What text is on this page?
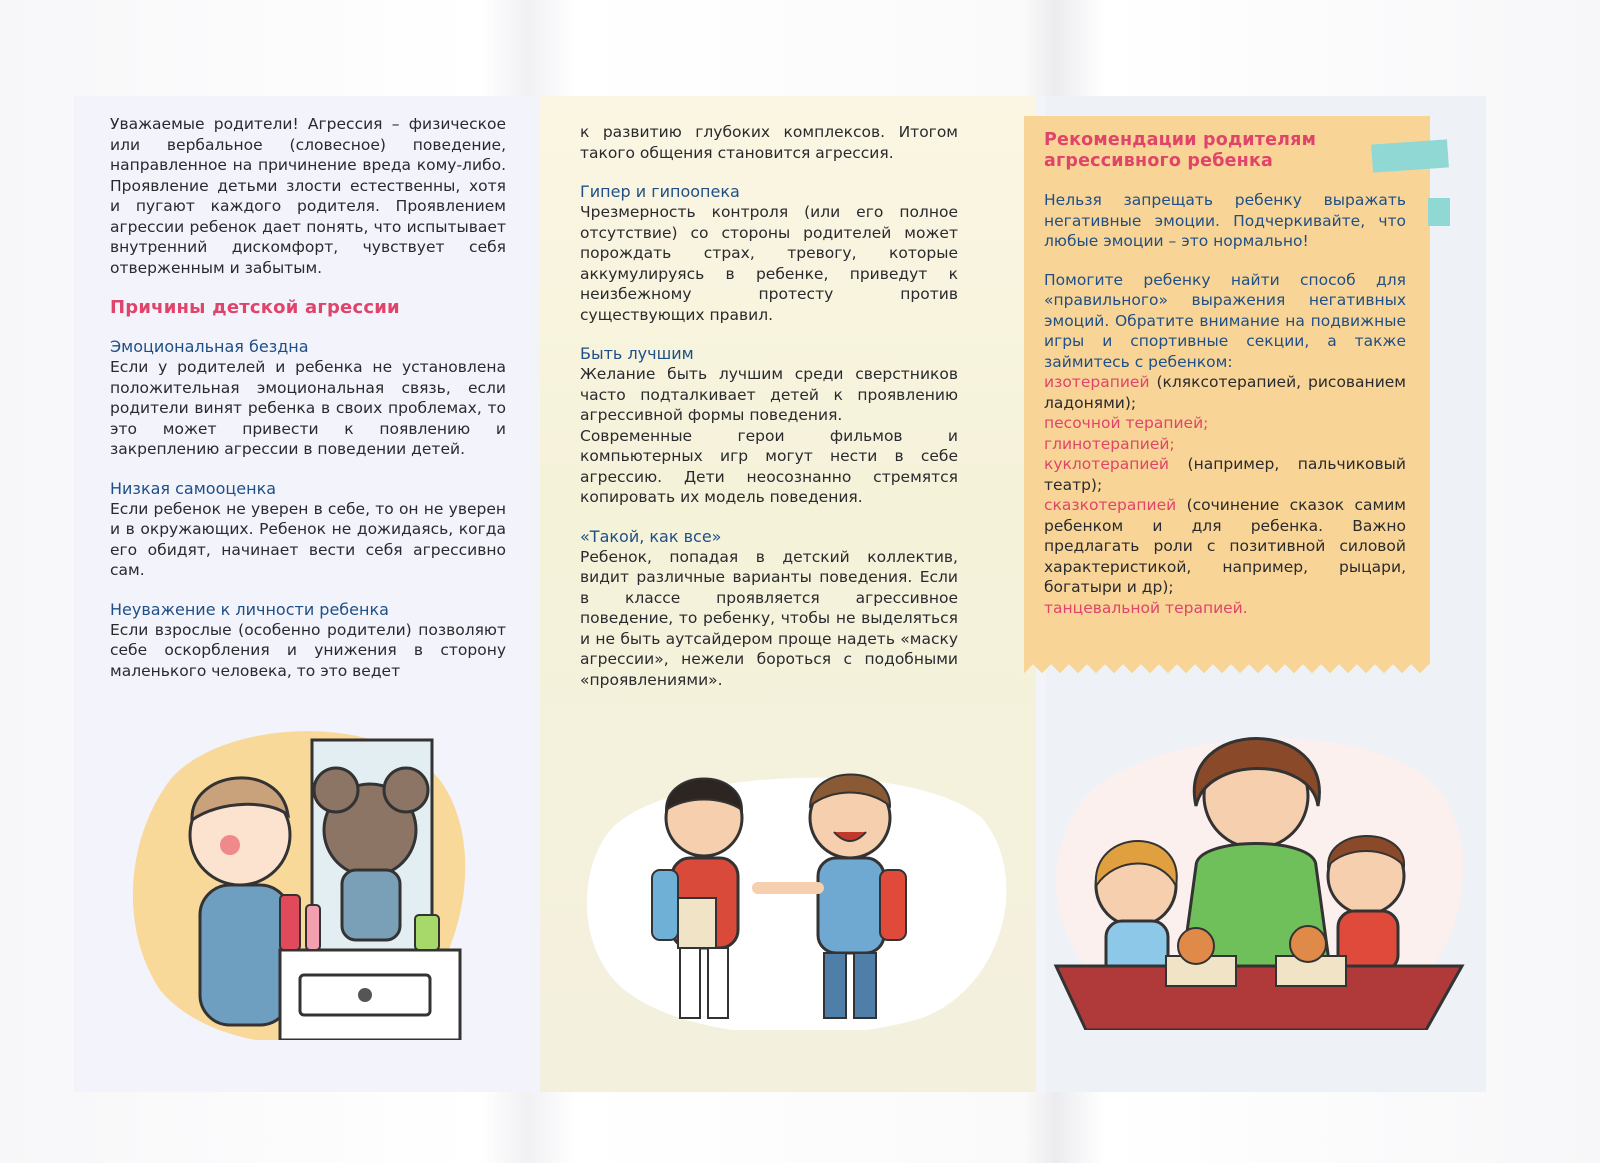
Уважаемые родители! Агрессия – физическое или вербальное (словесное) поведение, направленное на причинение вреда кому-либо. Проявление детьми злости естественны, хотя и пугают каждого родителя. Проявлением агрессии ребенок дает понять, что испытывает внутренний дискомфорт, чувствует себя отверженным и забытым.

Причины детской агрессии
Эмоциональная бездна

Если у родителей и ребенка не установлена положительная эмоциональная связь, если родители винят ребенка в своих проблемах, то это может привести к появлению и закреплению агрессии в поведении детей.

Низкая самооценка

Если ребенок не уверен в себе, то он не уверен и в окружающих. Ребенок не дожидаясь, когда его обидят, начинает вести себя агрессивно сам.

Неуважение к личности ребенка

Если взрослые (особенно родители) позволяют себе оскорбления и унижения в сторону маленького человека, то это ведет

к развитию глубоких комплексов. Итогом такого общения становится агрессия.

Гипер и гипоопека

Чрезмерность контроля (или его полное отсутствие) со стороны родителей может порождать страх, тревогу, которые аккумулируясь в ребенке, приведут к неизбежному протесту против существующих правил.

Быть лучшим

Желание быть лучшим среди сверстников часто подталкивает детей к проявлению агрессивной формы поведения.

Современные герои фильмов и компьютерных игр могут нести в себе агрессию. Дети неосознанно стремятся копировать их модель поведения.

«Такой, как все»

Ребенок, попадая в детский коллектив, видит различные варианты поведения. Если в классе проявляется агрессивное поведение, то ребенку, чтобы не выделяться и не быть аутсайдером проще надеть «маску агрессии», нежели бороться с подобными «проявлениями».

Рекомендации родителям агрессивного ребенка

Нельзя запрещать ребенку выражать негативные эмоции. Подчеркивайте, что любые эмоции – это нормально!

Помогите ребенку найти способ для «правильного» выражения негативных эмоций. Обратите внимание на подвижные игры и спортивные секции, а также займитесь с ребенком:

изотерапией (кляксотерапией, рисованием ладонями);

песочной терапией;

глинотерапией;

куклотерапией (например, пальчиковый театр);

сказкотерапией (сочинение сказок самим ребенком и для ребенка. Важно предлагать роли с позитивной силовой характеристикой, например, рыцари, богатыри и др);

танцевальной терапией.
